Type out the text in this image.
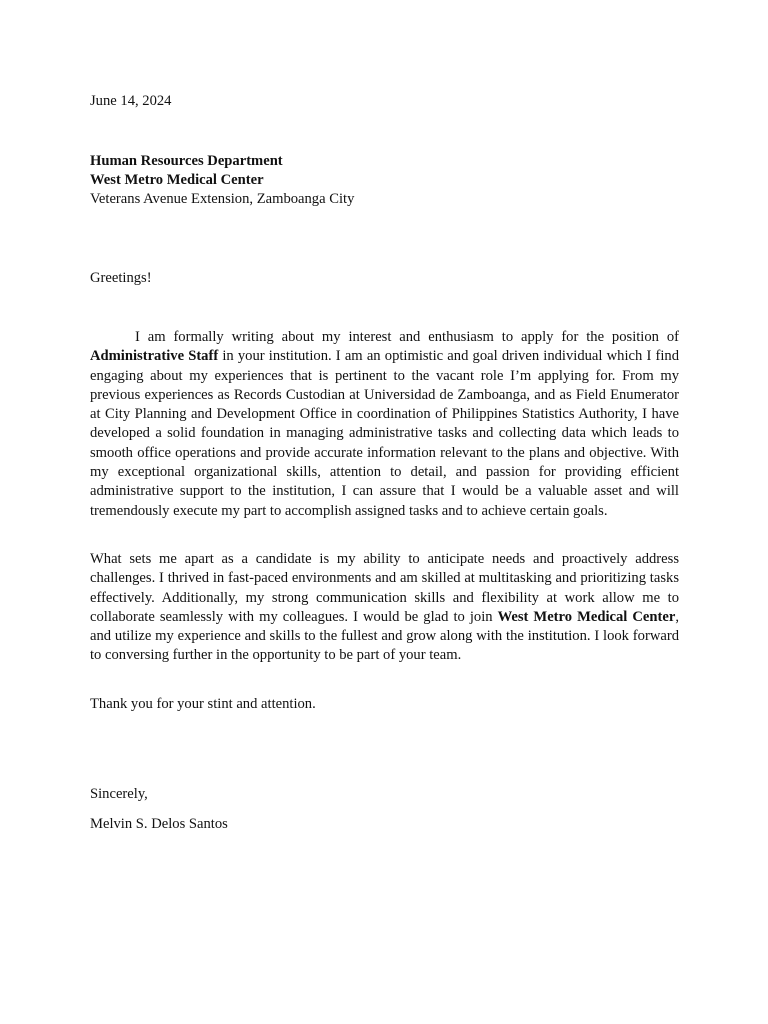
June 14, 2024
Human Resources Department
West Metro Medical Center
Veterans Avenue Extension, Zamboanga City
Greetings!

I am formally writing about my interest and enthusiasm to apply for the position of Administrative Staff in your institution. I am an optimistic and goal driven individual which I find engaging about my experiences that is pertinent to the vacant role I’m applying for. From my previous experiences as Records Custodian at Universidad de Zamboanga, and as Field Enumerator at City Planning and Development Office in coordination of Philippines Statistics Authority, I have developed a solid foundation in managing administrative tasks and collecting data which leads to smooth office operations and provide accurate information relevant to the plans and objective. With my exceptional organizational skills, attention to detail, and passion for providing efficient administrative support to the institution, I can assure that I would be a valuable asset and will tremendously execute my part to accomplish assigned tasks and to achieve certain goals.

What sets me apart as a candidate is my ability to anticipate needs and proactively address challenges. I thrived in fast-paced environments and am skilled at multitasking and prioritizing tasks effectively. Additionally, my strong communication skills and flexibility at work allow me to collaborate seamlessly with my colleagues. I would be glad to join West Metro Medical Center, and utilize my experience and skills to the fullest and grow along with the institution. I look forward to conversing further in the opportunity to be part of your team.

Thank you for your stint and attention.
Sincerely,
Melvin S. Delos Santos
